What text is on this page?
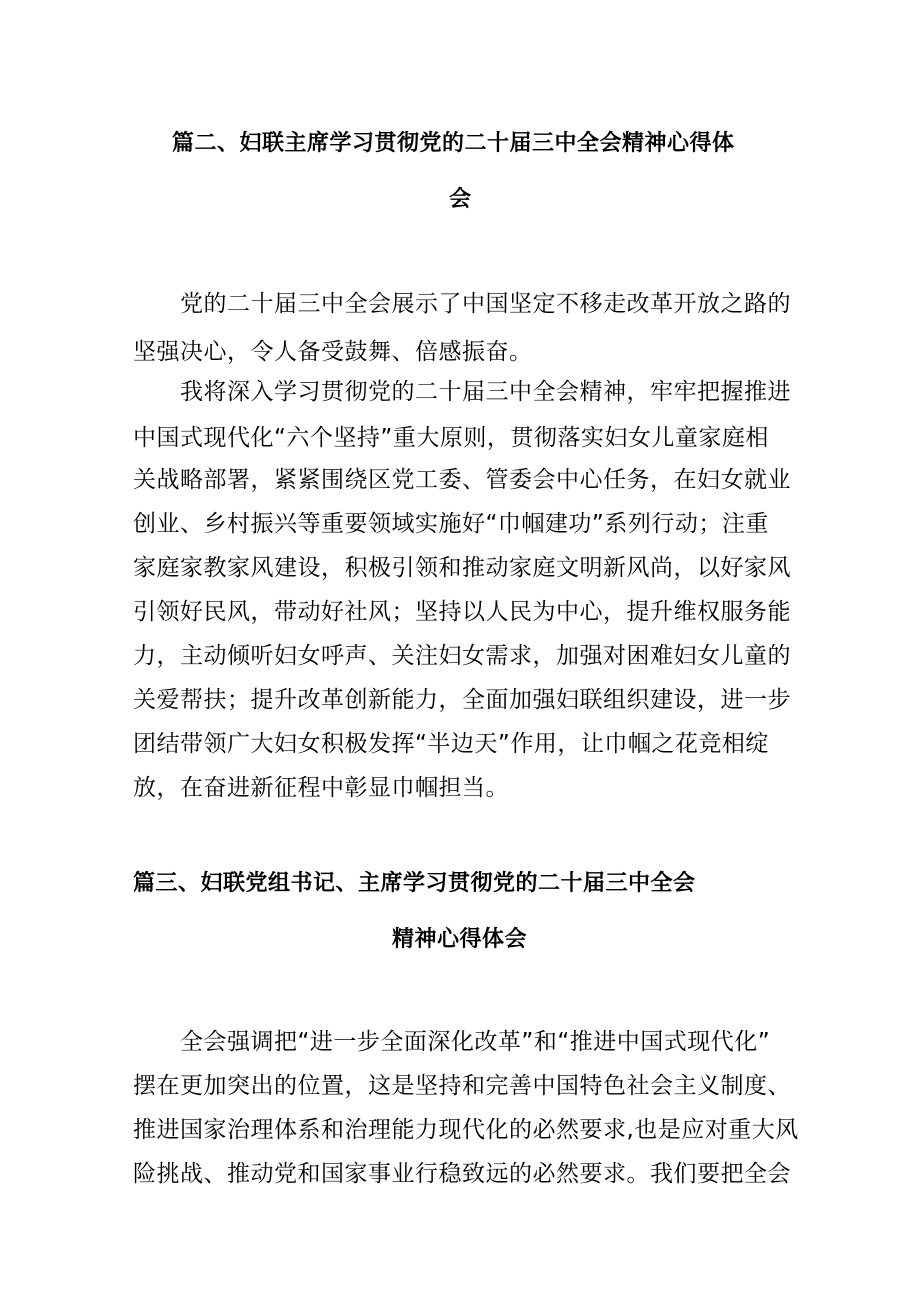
篇二、妇联主席学习贯彻党的二十届三中全会精神心得体
会
党的二十届三中全会展示了中国坚定不移走改革开放之路的
坚强决心，令人备受鼓舞、倍感振奋。
我将深入学习贯彻党的二十届三中全会精神，牢牢把握推进
中国式现代化“六个坚持”重大原则，贯彻落实妇女儿童家庭相
关战略部署，紧紧围绕区党工委、管委会中心任务，在妇女就业
创业、乡村振兴等重要领域实施好“巾帼建功”系列行动；注重
家庭家教家风建设，积极引领和推动家庭文明新风尚，以好家风
引领好民风，带动好社风；坚持以人民为中心，提升维权服务能
力，主动倾听妇女呼声、关注妇女需求，加强对困难妇女儿童的
关爱帮扶；提升改革创新能力，全面加强妇联组织建设，进一步
团结带领广大妇女积极发挥“半边天”作用，让巾帼之花竞相绽
放，在奋进新征程中彰显巾帼担当。
篇三、妇联党组书记、主席学习贯彻党的二十届三中全会
精神心得体会
全会强调把“进一步全面深化改革”和“推进中国式现代化”
摆在更加突出的位置，这是坚持和完善中国特色社会主义制度、
推进国家治理体系和治理能力现代化的必然要求,也是应对重大风
险挑战、推动党和国家事业行稳致远的必然要求。我们要把全会
